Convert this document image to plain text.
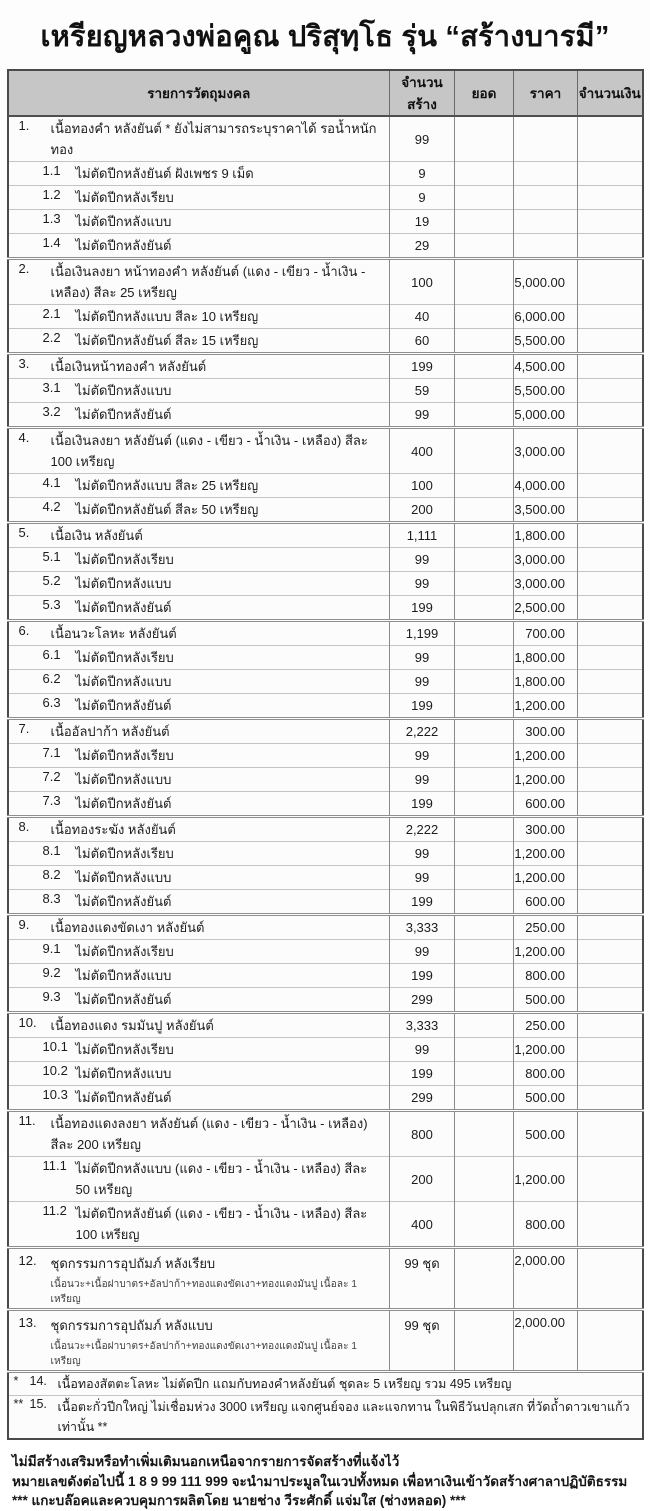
เหรียญหลวงพ่อคูณ ปริสุทฺโธ รุ่น “สร้างบารมี”
รายการวัตถุมงคล	จำนวนสร้าง	ยอด	ราคา	จำนวนเงิน

1. เนื้อทองคำ หลังยันต์ * ยังไม่สามารถระบุราคาได้ รอน้ำหนักทอง	99			

1.1 ไม่ตัดปีกหลังยันต์ ฝังเพชร 9 เม็ด	9			

1.2 ไม่ตัดปีกหลังเรียบ	9			

1.3 ไม่ตัดปีกหลังแบบ	19			

1.4 ไม่ตัดปีกหลังยันต์	29			

2. เนื้อเงินลงยา หน้าทองคำ หลังยันต์ (แดง - เขียว - น้ำเงิน - เหลือง) สีละ 25 เหรียญ	100		5,000.00	

2.1 ไม่ตัดปีกหลังแบบ สีละ 10 เหรียญ	40		6,000.00	

2.2 ไม่ตัดปีกหลังยันต์ สีละ 15 เหรียญ	60		5,500.00	

3. เนื้อเงินหน้าทองคำ หลังยันต์	199		4,500.00	

3.1 ไม่ตัดปีกหลังแบบ	59		5,500.00	

3.2 ไม่ตัดปีกหลังยันต์	99		5,000.00	

4. เนื้อเงินลงยา หลังยันต์ (แดง - เขียว - น้ำเงิน - เหลือง) สีละ 100 เหรียญ	400		3,000.00	

4.1 ไม่ตัดปีกหลังแบบ สีละ 25 เหรียญ	100		4,000.00	

4.2 ไม่ตัดปีกหลังยันต์ สีละ 50 เหรียญ	200		3,500.00	

5. เนื้อเงิน หลังยันต์	1,111		1,800.00	

5.1 ไม่ตัดปีกหลังเรียบ	99		3,000.00	

5.2 ไม่ตัดปีกหลังแบบ	99		3,000.00	

5.3 ไม่ตัดปีกหลังยันต์	199		2,500.00	

6. เนื้อนวะโลหะ หลังยันต์	1,199		700.00	

6.1 ไม่ตัดปีกหลังเรียบ	99		1,800.00	

6.2 ไม่ตัดปีกหลังแบบ	99		1,800.00	

6.3 ไม่ตัดปีกหลังยันต์	199		1,200.00	

7. เนื้ออัลปาก้า หลังยันต์	2,222		300.00	

7.1 ไม่ตัดปีกหลังเรียบ	99		1,200.00	

7.2 ไม่ตัดปีกหลังแบบ	99		1,200.00	

7.3 ไม่ตัดปีกหลังยันต์	199		600.00	

8. เนื้อทองระฆัง หลังยันต์	2,222		300.00	

8.1 ไม่ตัดปีกหลังเรียบ	99		1,200.00	

8.2 ไม่ตัดปีกหลังแบบ	99		1,200.00	

8.3 ไม่ตัดปีกหลังยันต์	199		600.00	

9. เนื้อทองแดงขัดเงา หลังยันต์	3,333		250.00	

9.1 ไม่ตัดปีกหลังเรียบ	99		1,200.00	

9.2 ไม่ตัดปีกหลังแบบ	199		800.00	

9.3 ไม่ตัดปีกหลังยันต์	299		500.00	

10. เนื้อทองแดง รมมันปู หลังยันต์	3,333		250.00	

10.1 ไม่ตัดปีกหลังเรียบ	99		1,200.00	

10.2 ไม่ตัดปีกหลังแบบ	199		800.00	

10.3 ไม่ตัดปีกหลังยันต์	299		500.00	

11. เนื้อทองแดงลงยา หลังยันต์ (แดง - เขียว - น้ำเงิน - เหลือง) สีละ 200 เหรียญ	800		500.00	

11.1 ไม่ตัดปีกหลังแบบ (แดง - เขียว - น้ำเงิน - เหลือง) สีละ 50 เหรียญ	200		1,200.00	

11.2 ไม่ตัดปีกหลังยันต์ (แดง - เขียว - น้ำเงิน - เหลือง) สีละ 100 เหรียญ	400		800.00	

12. ชุดกรรมการอุปถัมภ์ หลังเรียบ
เนื้อนวะ+เนื้อฝาบาตร+อัลปาก้า+ทองแดงขัดเงา+ทองแดงมันปู เนื้อละ 1 เหรียญ	99 ชุด		2,000.00	

13. ชุดกรรมการอุปถัมภ์ หลังแบบ
เนื้อนวะ+เนื้อฝาบาตร+อัลปาก้า+ทองแดงขัดเงา+ทองแดงมันปู เนื้อละ 1 เหรียญ	99 ชุด		2,000.00	

* 14. เนื้อทองสัตตะโลหะ ไม่ตัดปีก แถมกับทองคำหลังยันต์ ชุดละ 5 เหรียญ รวม 495 เหรียญ				

** 15. เนื้อตะกั่วปีกใหญ่ ไม่เชื่อมห่วง 3000 เหรียญ แจกศูนย์จอง และแจกทาน ในพิธีวันปลุกเสก ที่วัดถ้ำดาวเขาแก้ว เท่านั้น **				
ไม่มีสร้างเสริมหรือทำเพิ่มเติมนอกเหนือจากรายการจัดสร้างที่แจ้งไว้
หมายเลขดังต่อไปนี้ 1 8 9 99 111 999 จะนำมาประมูลในเวปทั้งหมด เพื่อหาเงินเข้าวัดสร้างศาลาปฏิบัติธรรม
*** แกะบล๊อคและควบคุมการผลิตโดย นายช่าง วีระศักดิ์ แจ่มใส (ช่างหลอด) ***
